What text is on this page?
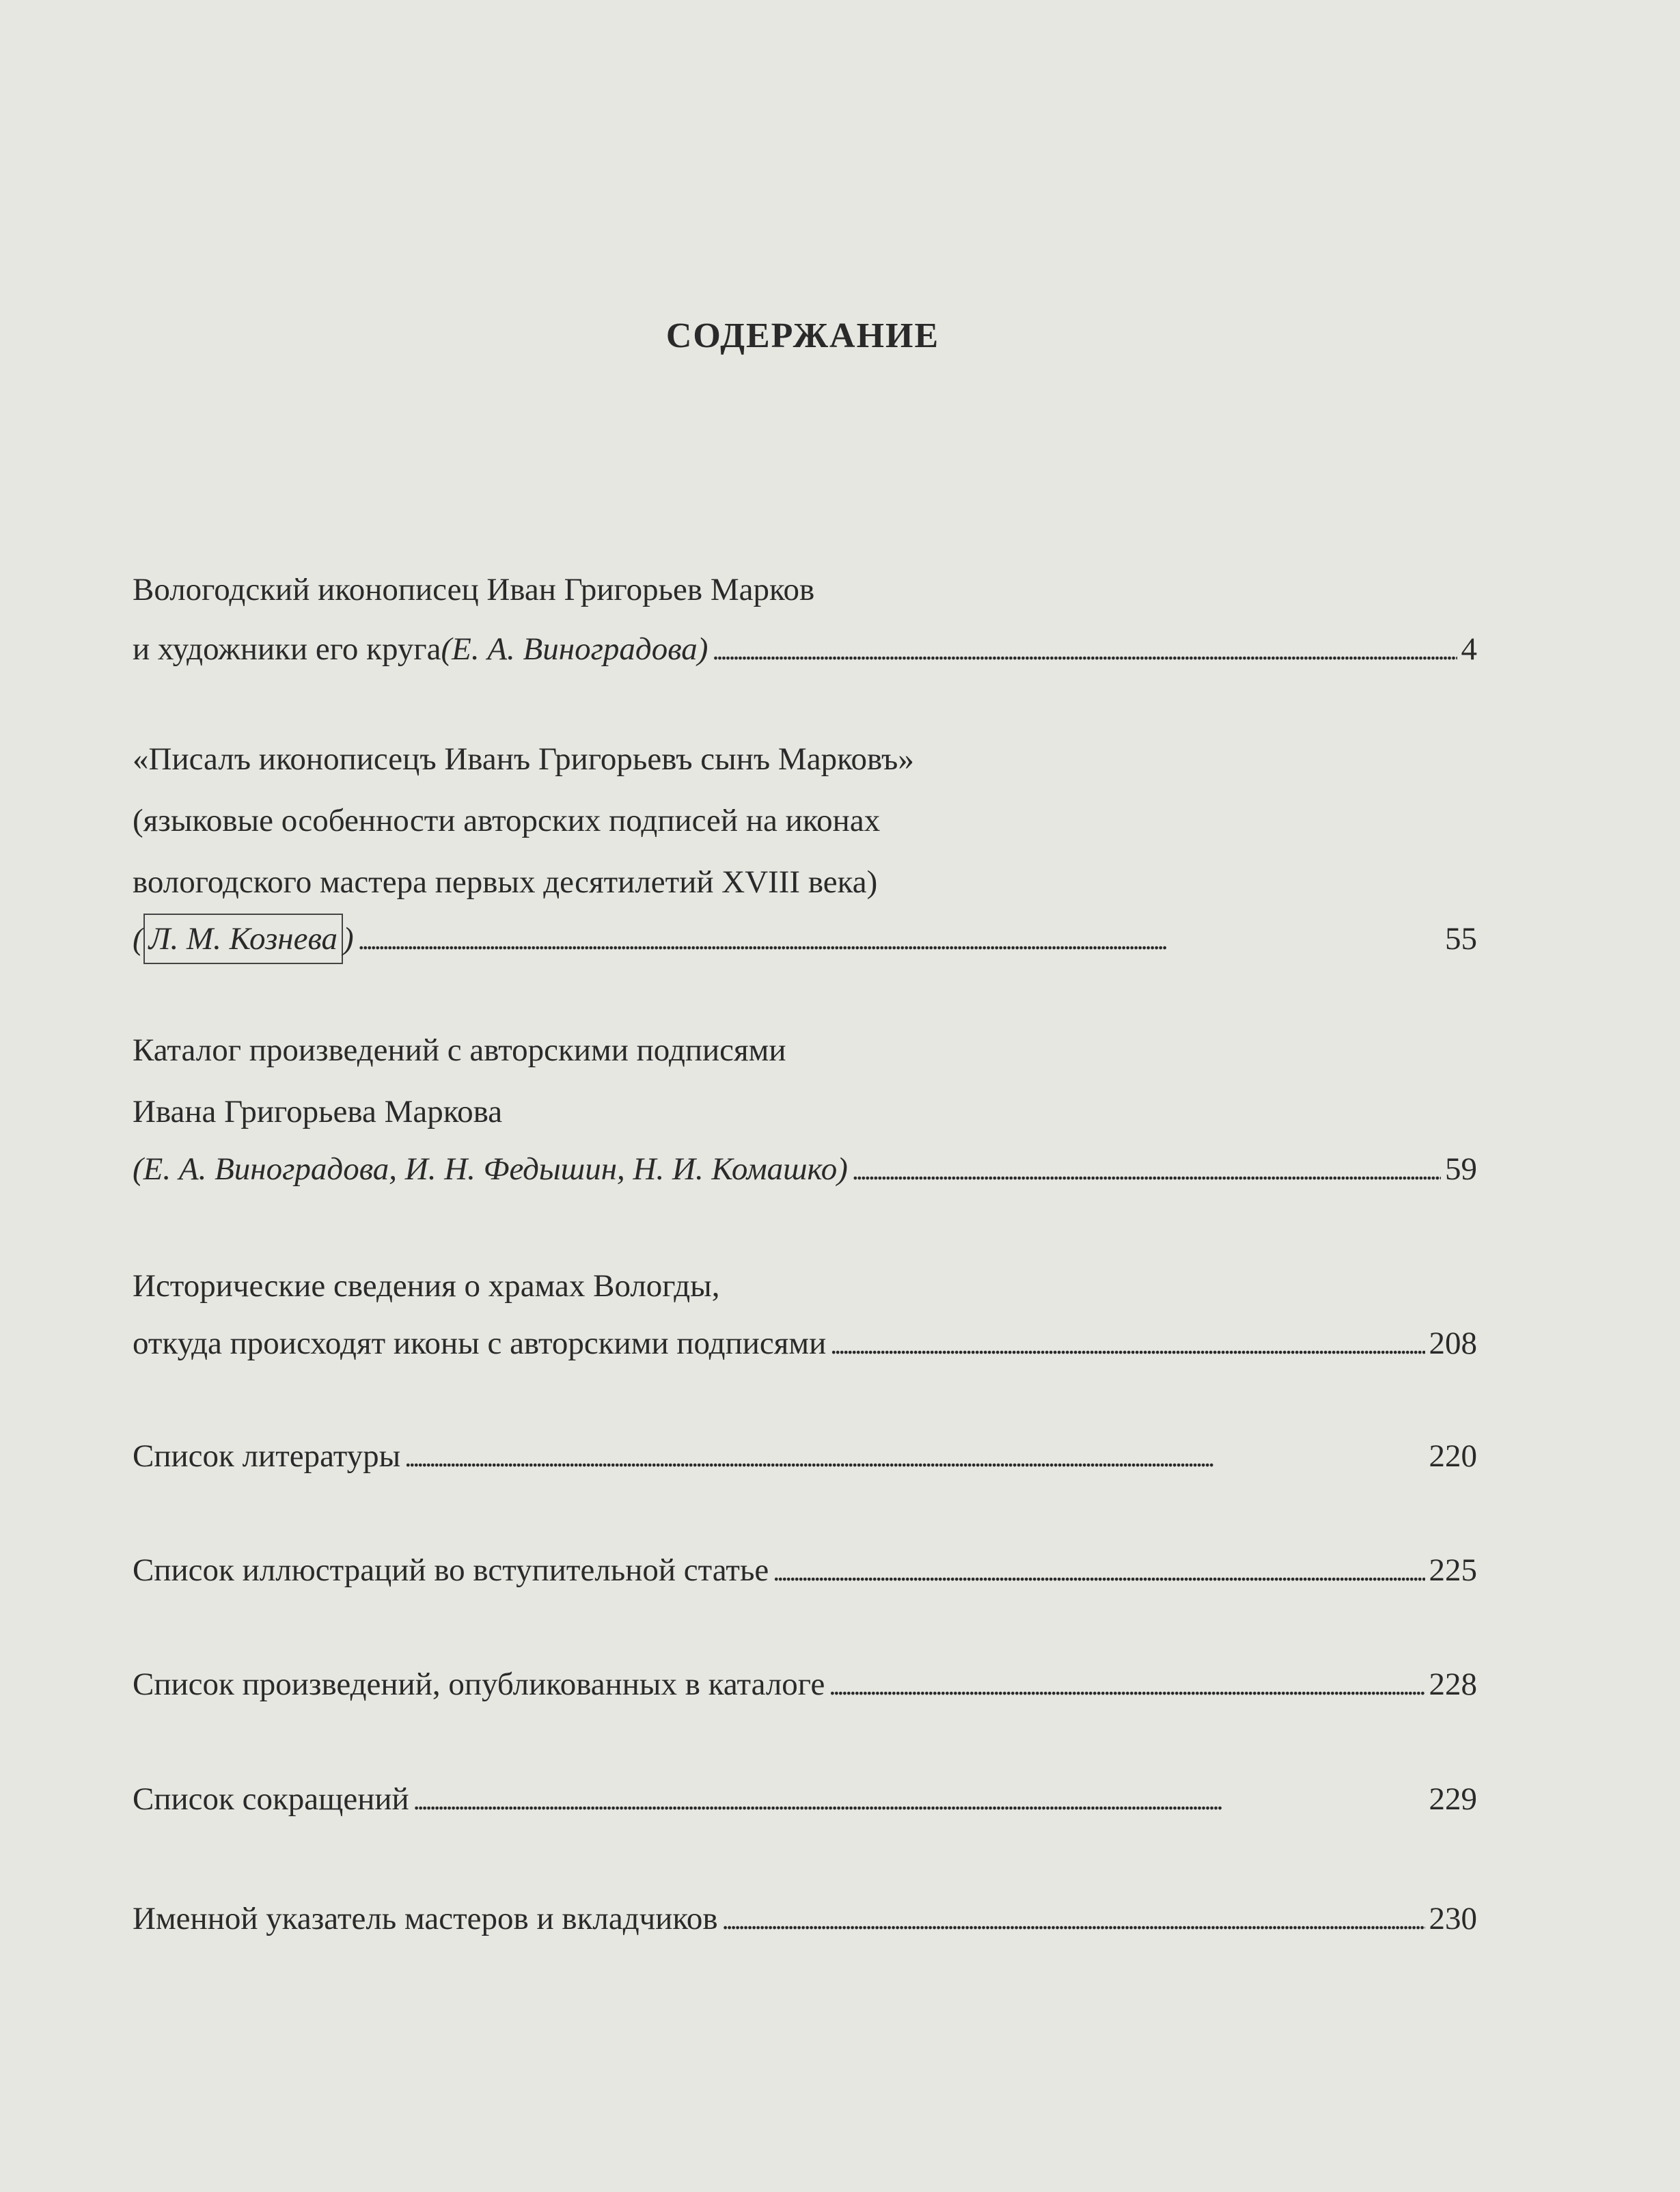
СОДЕРЖАНИЕ
Вологодский иконописец Иван Григорьев Марков
и художники его круга (Е. А. Виноградова) . . .	4
«Писалъ иконописецъ Иванъ Григорьевъ сынъ Марковъ»
(языковые особенности авторских подписей на иконах
вологодского мастера первых десятилетий XVIII века)
( Л. М. Кознева ) . . .	55
Каталог произведений с авторскими подписями
Ивана Григорьева Маркова
(Е. А. Виноградова, И. Н. Федышин, Н. И. Комашко) . . .	59
Исторические сведения о храмах Вологды,
откуда происходят иконы с авторскими подписями . . .	208
Список литературы . . .	220
Список иллюстраций во вступительной статье . . .	225
Список произведений, опубликованных в каталоге . . .	228
Список сокращений . . .	229
Именной указатель мастеров и вкладчиков . . .	230
